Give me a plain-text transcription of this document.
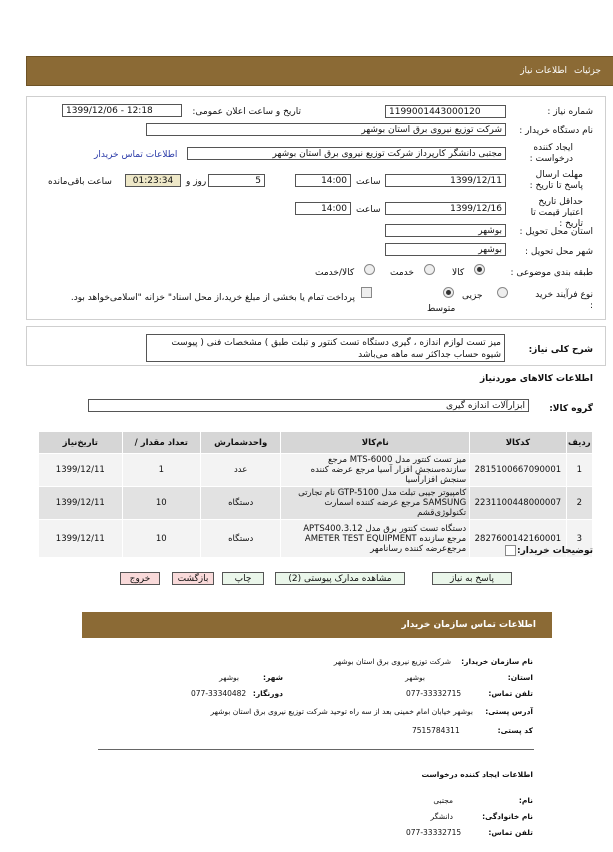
جزئیات
اطلاعات نیاز
شماره نیاز :
1199001443000120
تاریخ و ساعت اعلان عمومی:
1399/12/06 - 12:18
نام دستگاه خریدار :
شرکت توزیع نیروی برق استان بوشهر
ایجاد کننده درخواست :
مجتبی دانشگر کارپرداز شرکت توزیع نیروی برق استان بوشهر
اطلاعات تماس خریدار
مهلت ارسال پاسخ تا تاریخ :
1399/12/11
ساعت
14:00
5
روز و
01:23:34
ساعت باقی‌مانده
حداقل تاریخ اعتبار قیمت تا تاریخ :
1399/12/16
ساعت
14:00
استان محل تحویل :
بوشهر
شهر محل تحویل :
بوشهر
طبقه بندی موضوعی :
کالا
خدمت
کالا/خدمت
نوع فرآیند خرید :
جزیی
متوسط
پرداخت تمام یا بخشی از مبلغ خرید،از محل اسناد" خزانه "اسلامی‌خواهد بود.
شرح کلی نیاز:
میز تست لوازم اندازه ، گیری دستگاه تست کنتور و تبلت طبق ) مشخصات فنی ( پیوست شیوه حساب جداکثر سه ماهه می‌باشد
اطلاعات کالاهای موردنیاز
گروه کالا:
ابزارآلات اندازه گیری
ردیف	کدکالا	نام‌کالا	واحدشمارش	تعداد مقدار /	تاریخ‌نیاز
1	2815100667090001	میز تست کنتور مدل MTS-6000 مرجع سازنده‌سنجش افزار آسیا مرجع عرضه کننده سنجش افزارآسیا	عدد	1	1399/12/11
2	2231100448000007	کامپیوتر جیبی تبلت مدل GTP-5100 نام تجارتی SAMSUNG مرجع عرضه کننده اسمارت تکنولوژی‌قشم	دستگاه	10	1399/12/11
3	2827600142160001	دستگاه تست کنتور برق مدل APTS400.3.12 مرجع سازنده AMETER TEST EQUIPMENT مرجع‌عرضه کننده رسانامهر	دستگاه	10	1399/12/11
توضیحات خریدار:
پاسخ به نیاز
مشاهده مدارک پیوستی (2)
چاپ
بازگشت
خروج
اطلاعات تماس سازمان خریدار
نام سازمان خریدار:
شرکت توزیع نیروی برق استان بوشهر
استان:
بوشهر
شهر:
بوشهر
تلفن تماس:
077-33332715
دورنگار:
077-33340482
آدرس پستی:
بوشهر خیابان امام خمینی بعد از سه راه توحید شرکت توزیع نیروی برق استان بوشهر
کد پستی:
7515784311
اطلاعات ایجاد کننده درخواست
نام:
مجتبی
نام خانوادگی:
دانشگر
تلفن تماس:
077-33332715
